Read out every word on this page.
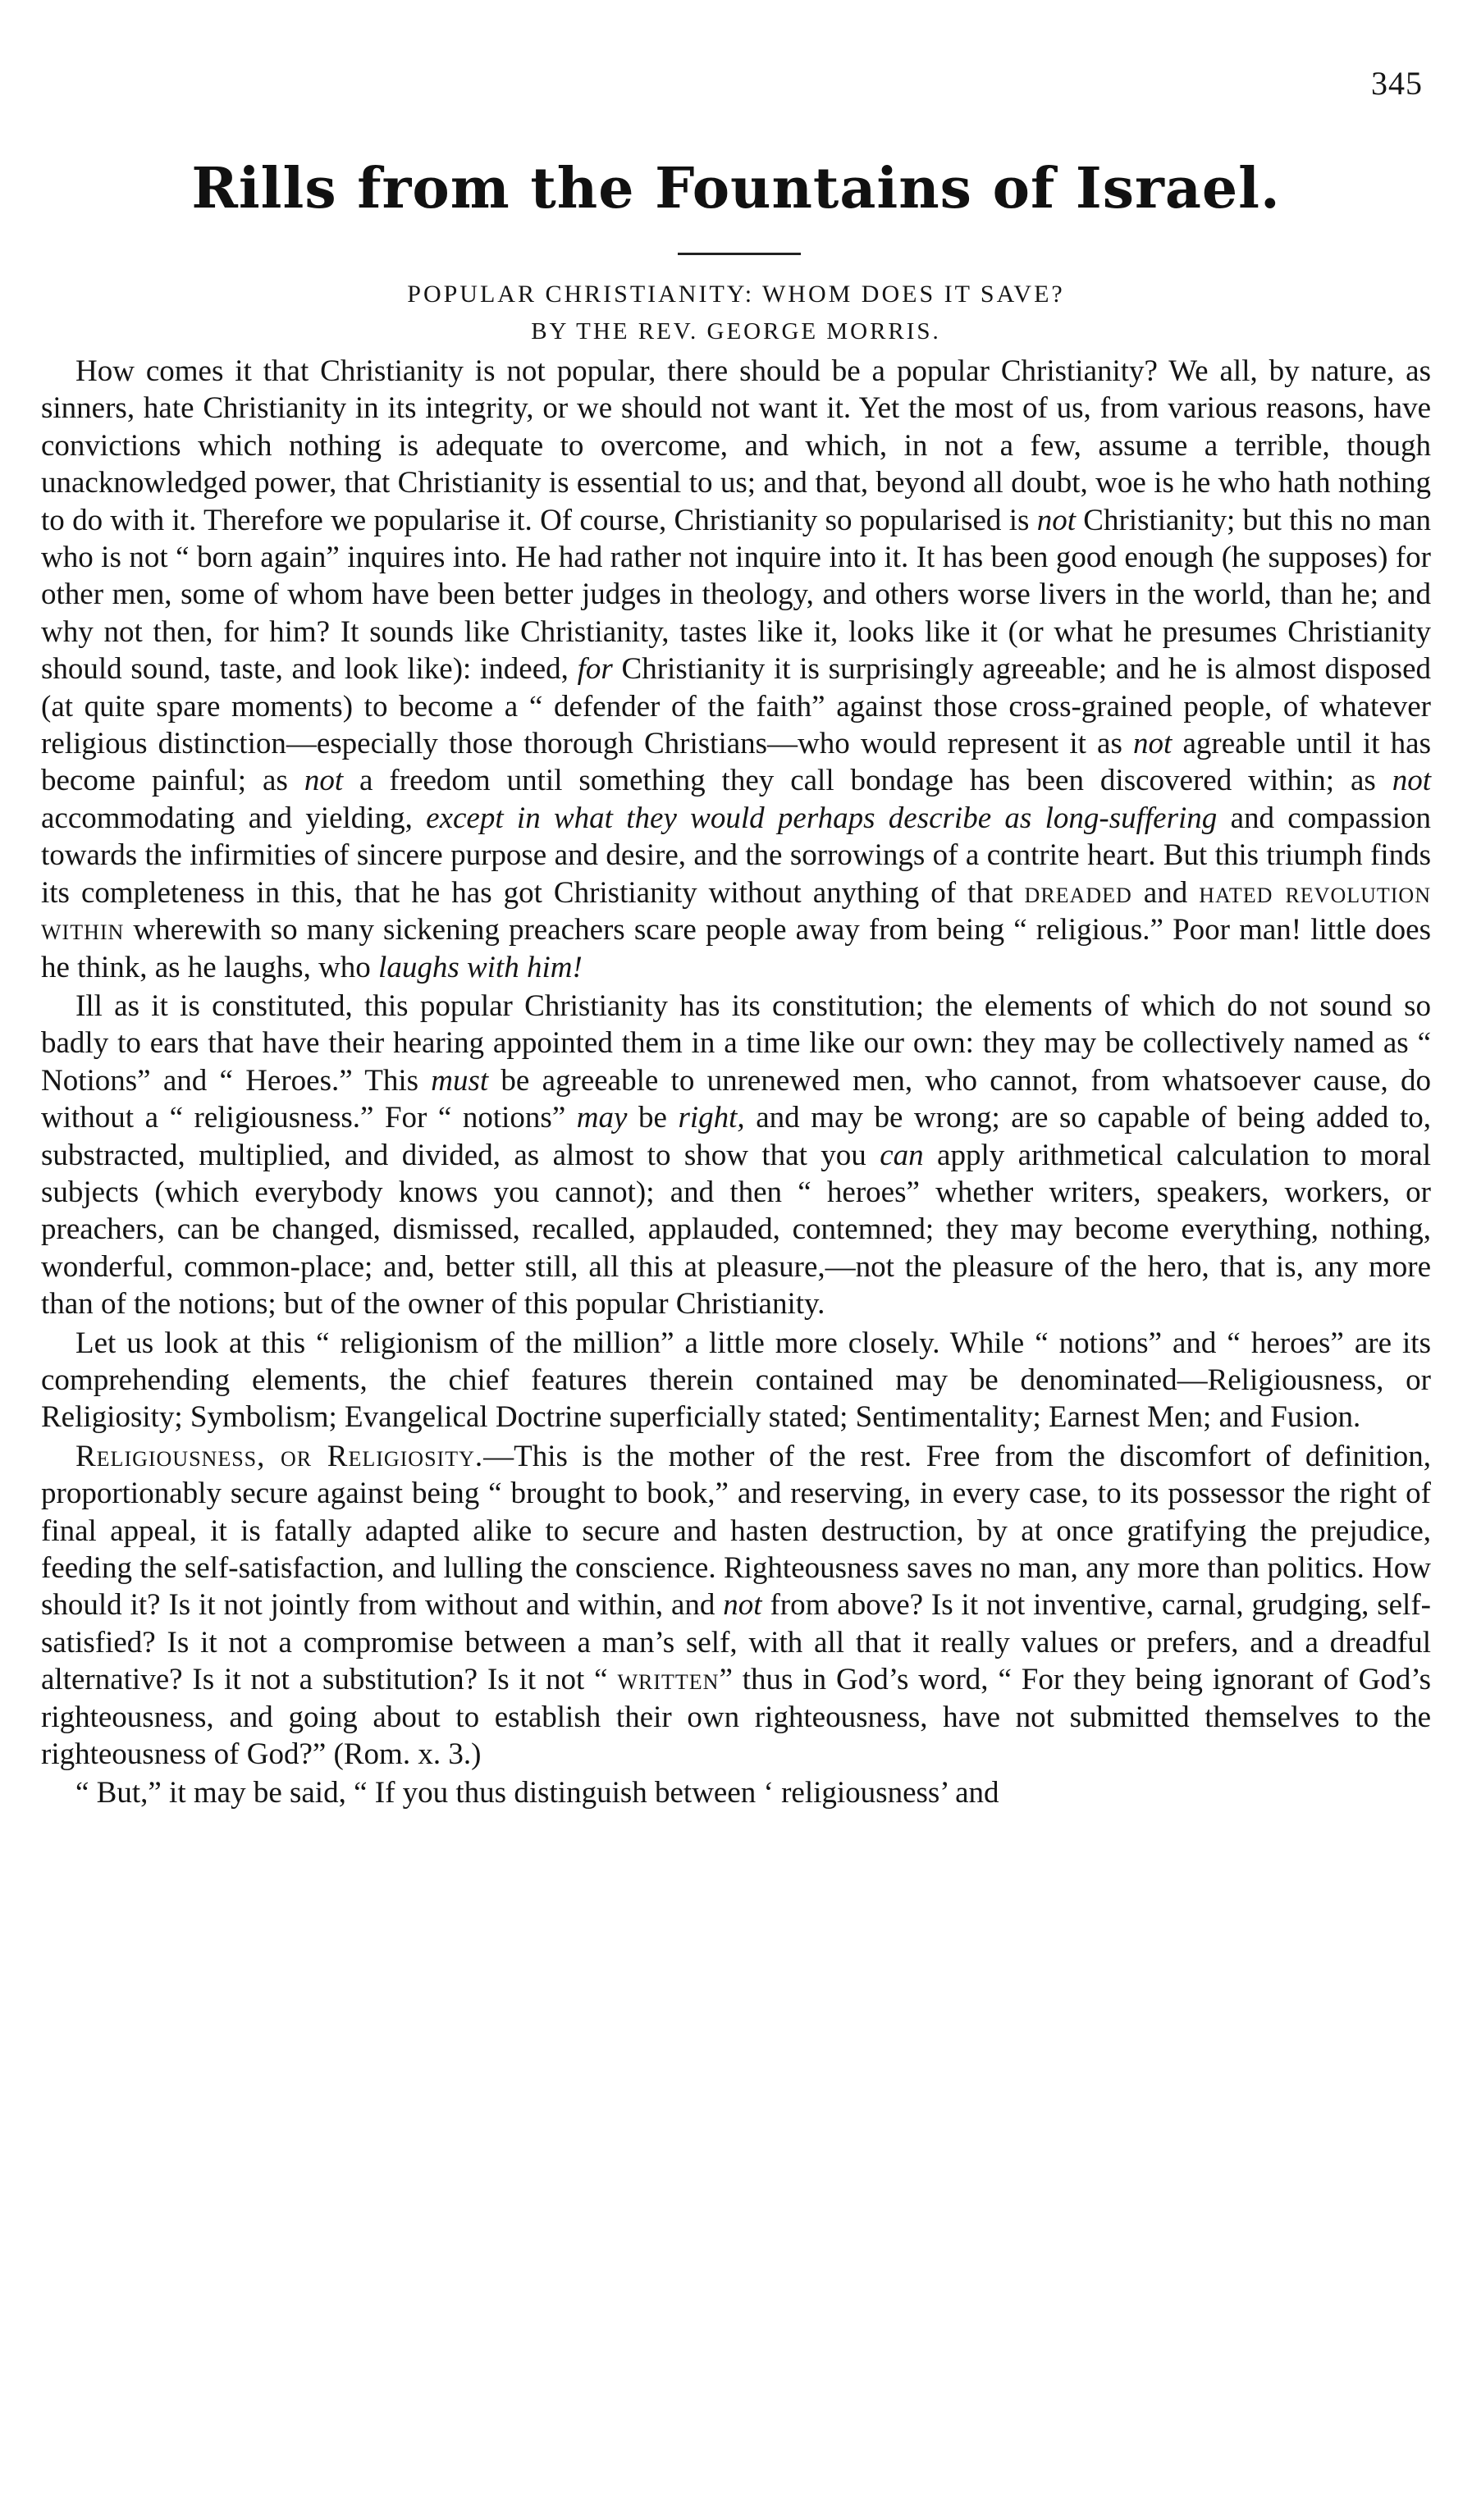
345
Rills from the Fountains of Israel.
POPULAR CHRISTIANITY: WHOM DOES IT SAVE?
BY THE REV. GEORGE MORRIS.

How comes it that Christianity is not popular, there should be a popular Christianity? We all, by nature, as sinners, hate Christianity in its integrity, or we should not want it. Yet the most of us, from various reasons, have convictions which nothing is adequate to overcome, and which, in not a few, assume a terrible, though unacknowledged power, that Christianity is essential to us; and that, beyond all doubt, woe is he who hath nothing to do with it. Therefore we popularise it. Of course, Christianity so popularised is not Christianity; but this no man who is not “ born again” inquires into. He had rather not inquire into it. It has been good enough (he supposes) for other men, some of whom have been better judges in theology, and others worse livers in the world, than he; and why not then, for him? It sounds like Christianity, tastes like it, looks like it (or what he presumes Christianity should sound, taste, and look like): indeed, for Christianity it is surprisingly agreeable; and he is almost disposed (at quite spare moments) to become a “ defender of the faith” against those cross-grained people, of whatever religious distinction—especially those thorough Christians—who would represent it as not agreable until it has become painful; as not a freedom until something they call bondage has been discovered within; as not accommodating and yielding, except in what they would perhaps describe as long-suffering and compassion towards the infirmities of sincere purpose and desire, and the sorrowings of a contrite heart. But this triumph finds its completeness in this, that he has got Christianity without anything of that dreaded and hated revolution within wherewith so many sickening preachers scare people away from being “ religious.” Poor man! little does he think, as he laughs, who laughs with him!

Ill as it is constituted, this popular Christianity has its constitution; the elements of which do not sound so badly to ears that have their hearing appointed them in a time like our own: they may be collectively named as “ Notions” and “ Heroes.” This must be agreeable to unrenewed men, who cannot, from whatsoever cause, do without a “ religiousness.” For “ notions” may be right, and may be wrong; are so capable of being added to, substracted, multiplied, and divided, as almost to show that you can apply arithmetical calculation to moral subjects (which everybody knows you cannot); and then “ heroes” whether writers, speakers, workers, or preachers, can be changed, dismissed, recalled, applauded, contemned; they may become everything, nothing, wonderful, common-place; and, better still, all this at pleasure,—not the pleasure of the hero, that is, any more than of the notions; but of the owner of this popular Christianity.

Let us look at this “ religionism of the million” a little more closely. While “ notions” and “ heroes” are its comprehending elements, the chief features therein contained may be denominated—Religiousness, or Religiosity; Symbolism; Evangelical Doctrine superficially stated; Sentimentality; Earnest Men; and Fusion.

Religiousness, or Religiosity.—This is the mother of the rest. Free from the discomfort of definition, proportionably secure against being “ brought to book,” and reserving, in every case, to its possessor the right of final appeal, it is fatally adapted alike to secure and hasten destruction, by at once gratifying the prejudice, feeding the self-satisfaction, and lulling the conscience. Righteousness saves no man, any more than politics. How should it? Is it not jointly from without and within, and not from above? Is it not inventive, carnal, grudging, self-satisfied? Is it not a compromise between a man’s self, with all that it really values or prefers, and a dreadful alternative? Is it not a substitution? Is it not “ written” thus in God’s word, “ For they being ignorant of God’s righteousness, and going about to establish their own righteousness, have not submitted themselves to the righteousness of God?” (Rom. x. 3.)

“ But,” it may be said, “ If you thus distinguish between ‘ religiousness’ and
